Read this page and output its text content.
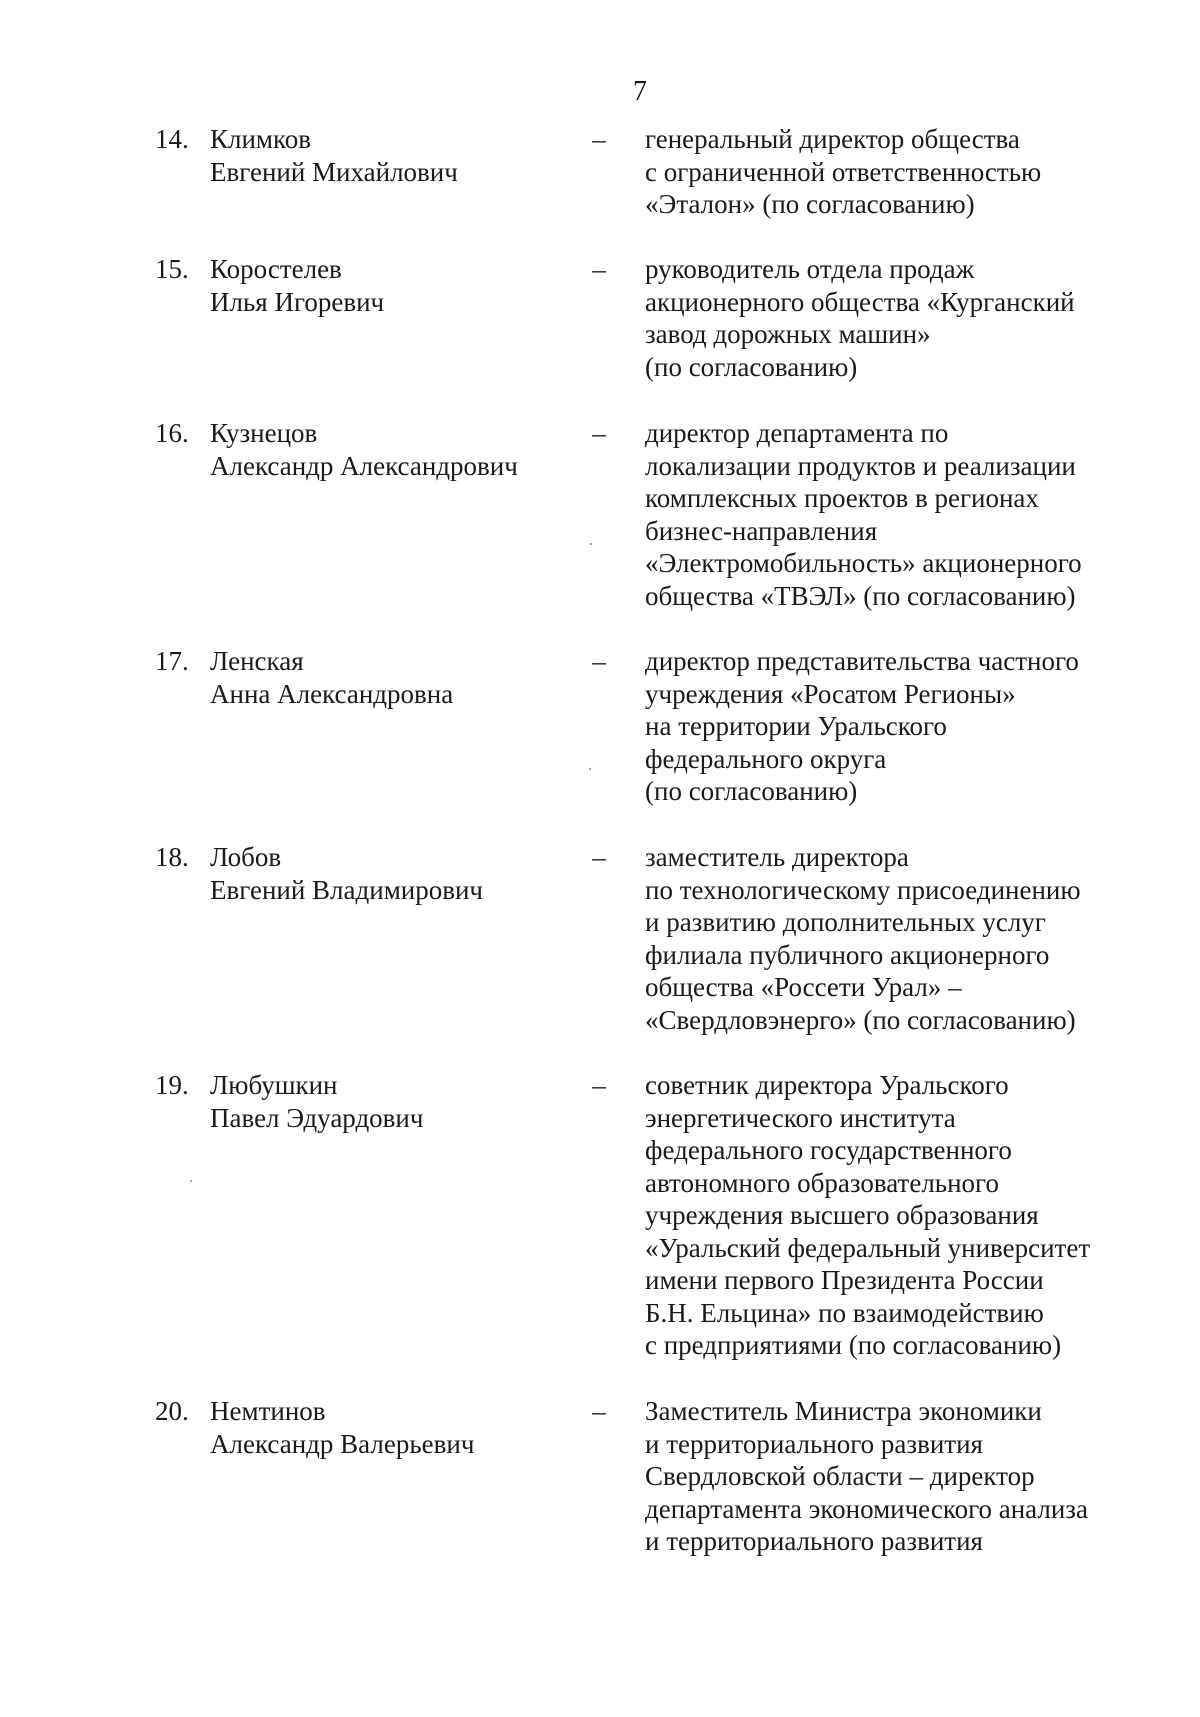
7
14. Климков
Евгений Михайлович
–	генеральный директор общества
с ограниченной ответственностью
«Эталон» (по согласованию)
15. Коростелев
Илья Игоревич
–	руководитель отдела продаж
акционерного общества «Курганский
завод дорожных машин»
(по согласованию)
16. Кузнецов
Александр Александрович
–	директор департамента по
локализации продуктов и реализации
комплексных проектов в регионах
бизнес-направления
«Электромобильность» акционерного
общества «ТВЭЛ» (по согласованию)
17. Ленская
Анна Александровна
–	директор представительства частного
учреждения «Росатом Регионы»
на территории Уральского
федерального округа
(по согласованию)
18. Лобов
Евгений Владимирович
–	заместитель директора
по технологическому присоединению
и развитию дополнительных услуг
филиала публичного акционерного
общества «Россети Урал» –
«Свердловэнерго» (по согласованию)
19. Любушкин
Павел Эдуардович
–	советник директора Уральского
энергетического института
федерального государственного
автономного образовательного
учреждения высшего образования
«Уральский федеральный университет
имени первого Президента России
Б.Н. Ельцина» по взаимодействию
с предприятиями (по согласованию)
20. Немтинов
Александр Валерьевич
–	Заместитель Министра экономики
и территориального развития
Свердловской области – директор
департамента экономического анализа
и территориального развития
